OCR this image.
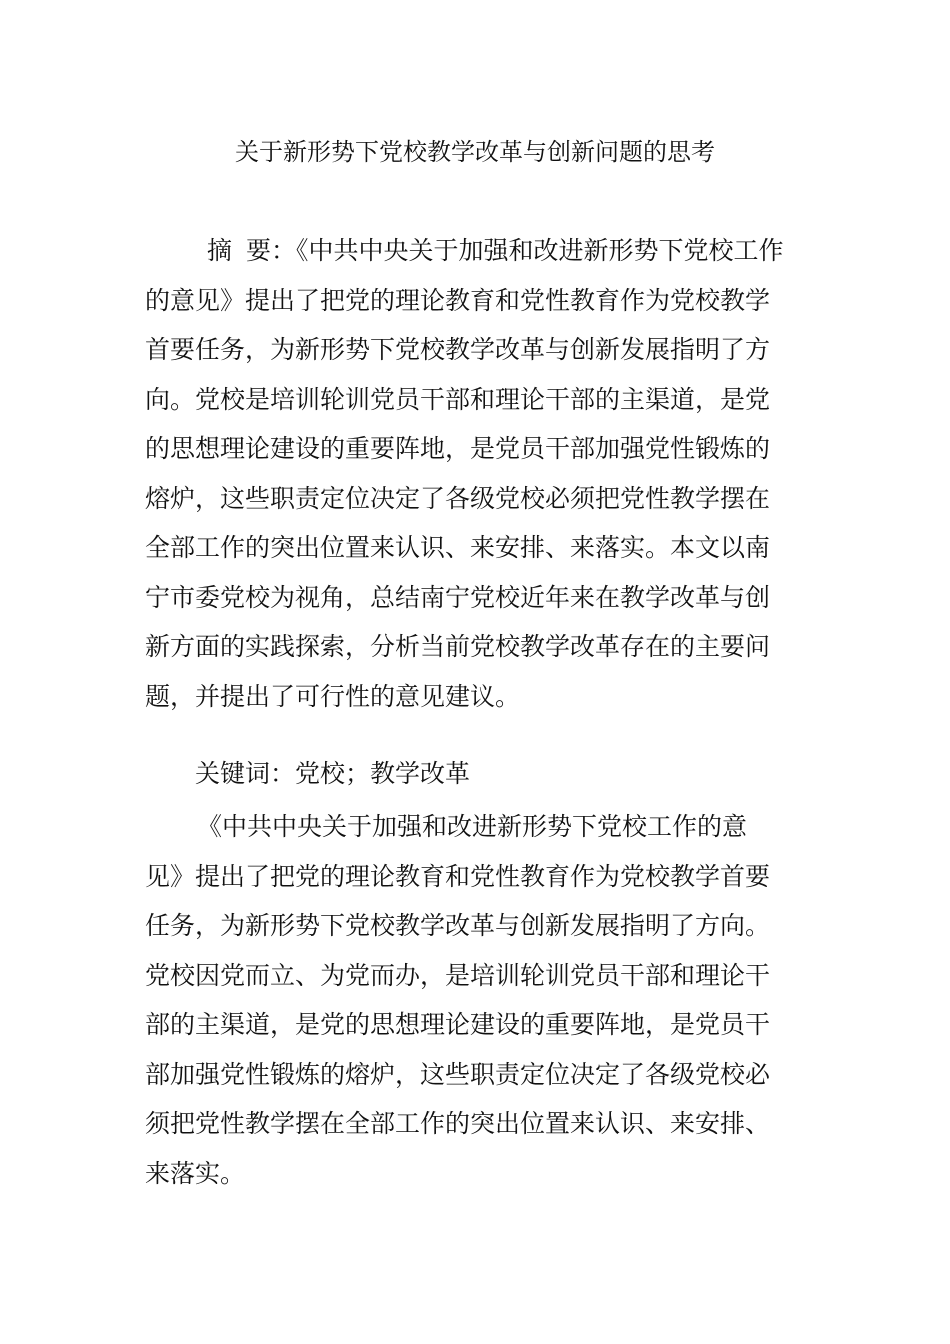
关于新形势下党校教学改革与创新问题的思考
摘 要：《中共中央关于加强和改进新形势下党校工作
的意见》提出了把党的理论教育和党性教育作为党校教学
首要任务，为新形势下党校教学改革与创新发展指明了方
向。党校是培训轮训党员干部和理论干部的主渠道，是党
的思想理论建设的重要阵地，是党员干部加强党性锻炼的
熔炉，这些职责定位决定了各级党校必须把党性教学摆在
全部工作的突出位置来认识、来安排、来落实。本文以南
宁市委党校为视角，总结南宁党校近年来在教学改革与创
新方面的实践探索，分析当前党校教学改革存在的主要问
题，并提出了可行性的意见建议。
关键词：党校；教学改革
《中共中央关于加强和改进新形势下党校工作的意
见》提出了把党的理论教育和党性教育作为党校教学首要
任务，为新形势下党校教学改革与创新发展指明了方向。
党校因党而立、为党而办，是培训轮训党员干部和理论干
部的主渠道，是党的思想理论建设的重要阵地，是党员干
部加强党性锻炼的熔炉，这些职责定位决定了各级党校必
须把党性教学摆在全部工作的突出位置来认识、来安排、
来落实。
